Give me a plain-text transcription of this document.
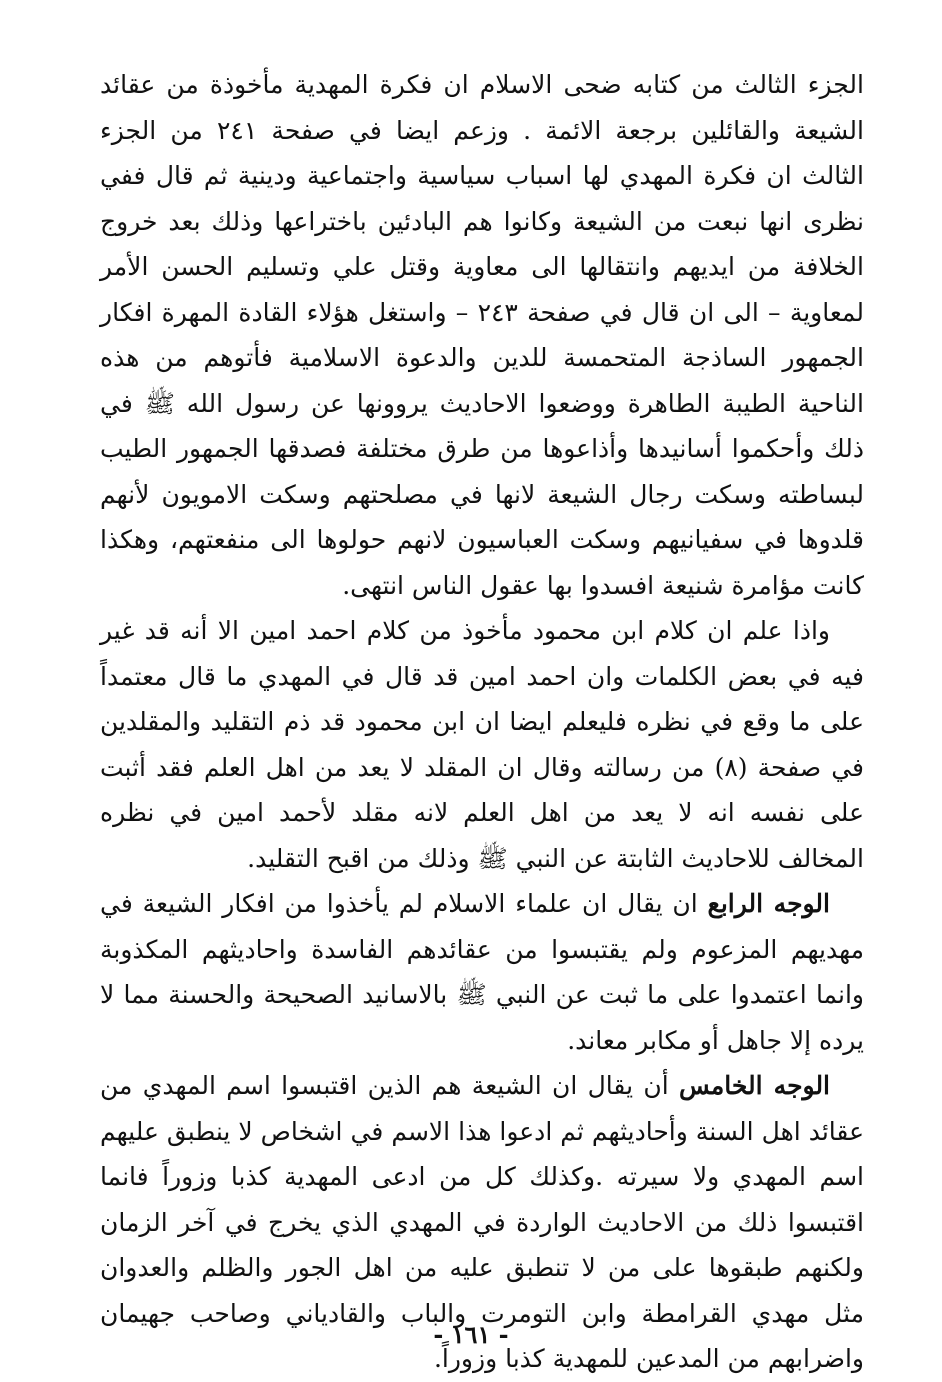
الجزء الثالث من كتابه ضحى الاسلام ان فكرة المهدية مأخوذة من عقائد الشيعة والقائلين برجعة الائمة . وزعم ايضا في صفحة ٢٤١ من الجزء الثالث ان فكرة المهدي لها اسباب سياسية واجتماعية ودينية ثم قال ففي نظرى انها نبعت من الشيعة وكانوا هم البادئين باختراعها وذلك بعد خروج الخلافة من ايديهم وانتقالها الى معاوية وقتل علي وتسليم الحسن الأمر لمعاوية – الى ان قال في صفحة ٢٤٣ – واستغل هؤلاء القادة المهرة افكار الجمهور الساذجة المتحمسة للدين والدعوة الاسلامية فأتوهم من هذه الناحية الطيبة الطاهرة ووضعوا الاحاديث يروونها عن رسول الله ﷺ في ذلك وأحكموا أسانيدها وأذاعوها من طرق مختلفة فصدقها الجمهور الطيب لبساطته وسكت رجال الشيعة لانها في مصلحتهم وسكت الامويون لأنهم قلدوها في سفيانيهم وسكت العباسيون لانهم حولوها الى منفعتهم، وهكذا كانت مؤامرة شنيعة افسدوا بها عقول الناس انتهى.

واذا علم ان كلام ابن محمود مأخوذ من كلام احمد امين الا أنه قد غير فيه في بعض الكلمات وان احمد امين قد قال في المهدي ما قال معتمداً على ما وقع في نظره فليعلم ايضا ان ابن محمود قد ذم التقليد والمقلدين في صفحة (٨) من رسالته وقال ان المقلد لا يعد من اهل العلم فقد أثبت على نفسه انه لا يعد من اهل العلم لانه مقلد لأحمد امين في نظره المخالف للاحاديث الثابتة عن النبي ﷺ وذلك من اقبح التقليد.

الوجه الرابع ان يقال ان علماء الاسلام لم يأخذوا من افكار الشيعة في مهديهم المزعوم ولم يقتبسوا من عقائدهم الفاسدة واحاديثهم المكذوبة وانما اعتمدوا على ما ثبت عن النبي ﷺ بالاسانيد الصحيحة والحسنة مما لا يرده إلا جاهل أو مكابر معاند.

الوجه الخامس أن يقال ان الشيعة هم الذين اقتبسوا اسم المهدي من عقائد اهل السنة وأحاديثهم ثم ادعوا هذا الاسم في اشخاص لا ينطبق عليهم اسم المهدي ولا سيرته .وكذلك كل من ادعى المهدية كذبا وزوراً فانما اقتبسوا ذلك من الاحاديث الواردة في المهدي الذي يخرج في آخر الزمان ولكنهم طبقوها على من لا تنطبق عليه من اهل الجور والظلم والعدوان مثل مهدي القرامطة وابن التومرت والباب والقادياني وصاحب جهيمان واضرابهم من المدعين للمهدية كذبا وزوراً.

- ١٦١ -
